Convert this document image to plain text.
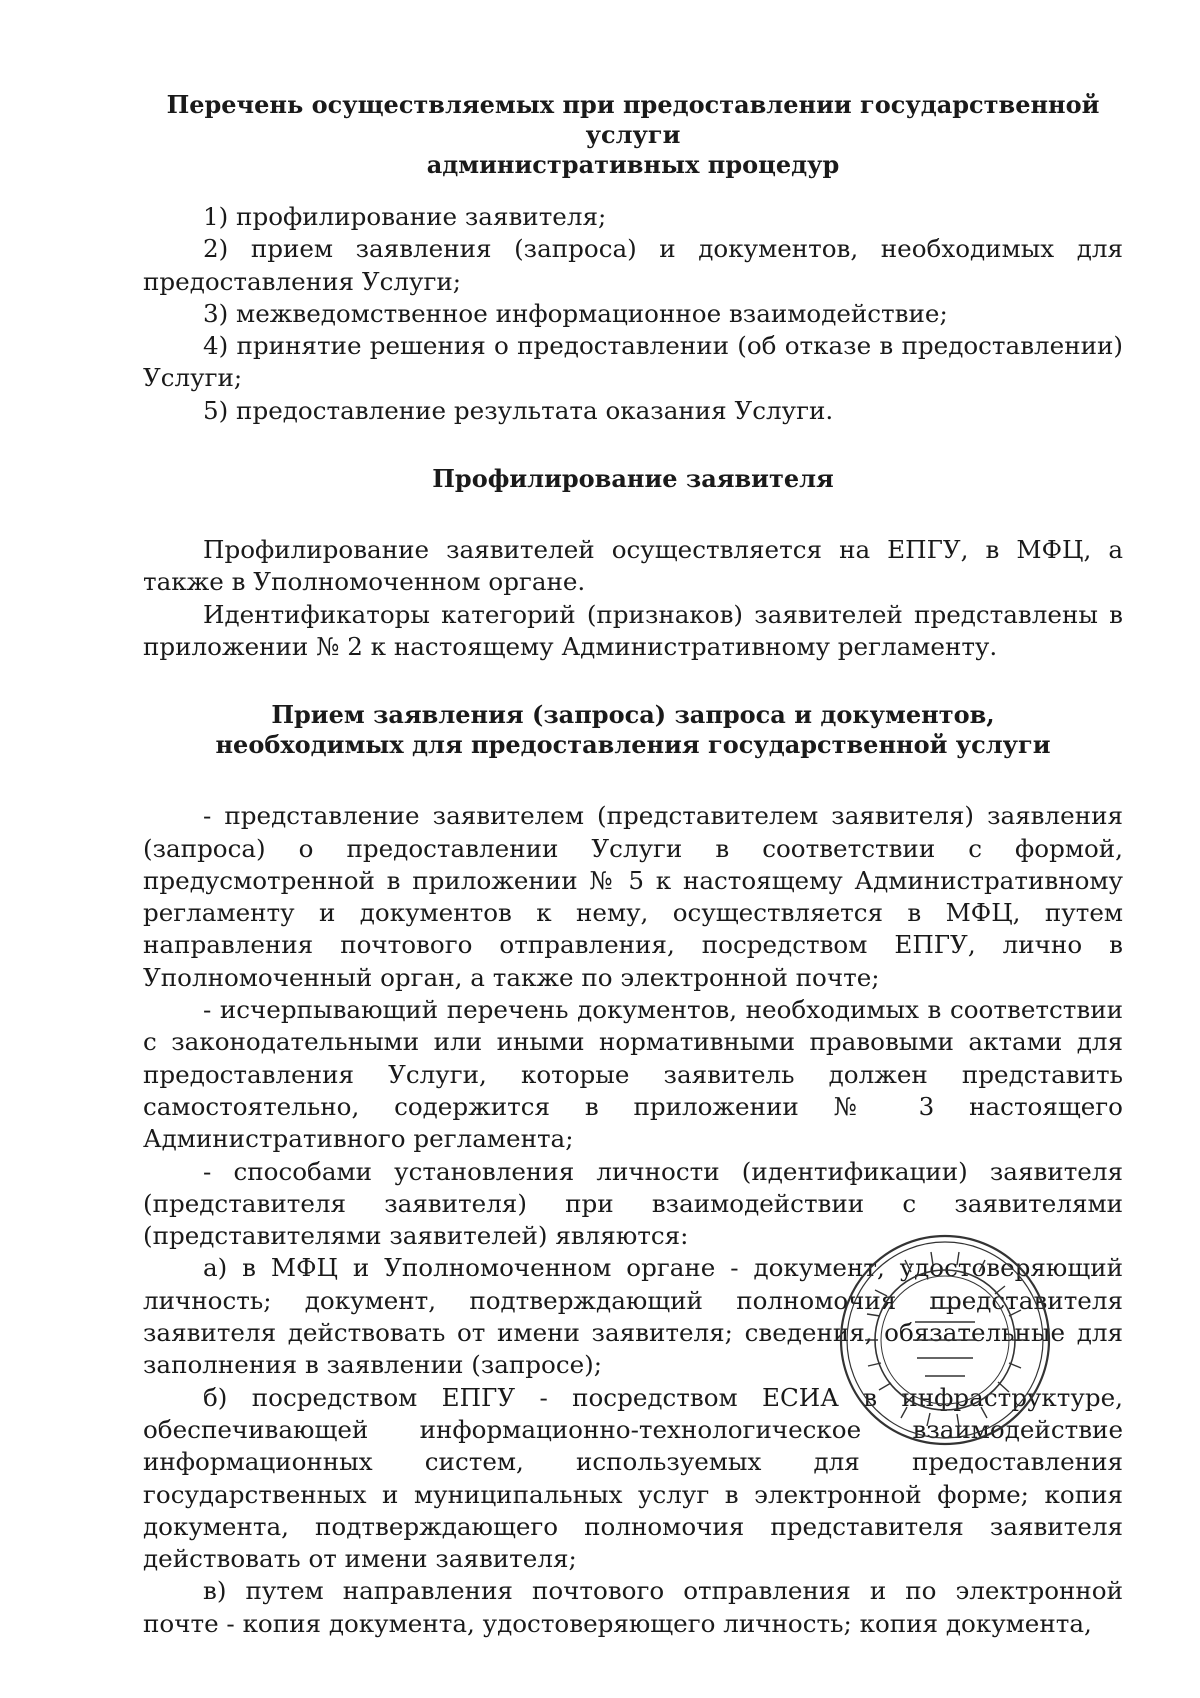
Перечень осуществляемых при предоставлении государственной услуги
административных процедур

1) профилирование заявителя;

2) прием заявления (запроса) и документов, необходимых для предоставления Услуги;

3) межведомственное информационное взаимодействие;

4) принятие решения о предоставлении (об отказе в предоставлении) Услуги;

5) предоставление результата оказания Услуги.

Профилирование заявителя

Профилирование заявителей осуществляется на ЕПГУ, в МФЦ, а также в Уполномоченном органе.

Идентификаторы категорий (признаков) заявителей представлены в приложении № 2 к настоящему Административному регламенту.

Прием заявления (запроса) запроса и документов,
необходимых для предоставления государственной услуги

- представление заявителем (представителем заявителя) заявления (запроса) о предоставлении Услуги в соответствии с формой, предусмотренной в приложении № 5 к настоящему Административному регламенту и документов к нему, осуществляется в МФЦ, путем направления почтового отправления, посредством ЕПГУ, лично в Уполномоченный орган, а также по электронной почте;

- исчерпывающий перечень документов, необходимых в соответствии с законодательными или иными нормативными правовыми актами для предоставления Услуги, которые заявитель должен представить самостоятельно, содержится в приложении № 3 настоящего Административного регламента;

- способами установления личности (идентификации) заявителя (представителя заявителя) при взаимодействии с заявителями (представителями заявителей) являются:

а) в МФЦ и Уполномоченном органе - документ, удостоверяющий личность; документ, подтверждающий полномочия представителя заявителя действовать от имени заявителя; сведения, обязательные для заполнения в заявлении (запросе);

б) посредством ЕПГУ - посредством ЕСИА в инфраструктуре, обеспечивающей информационно-технологическое взаимодействие информационных систем, используемых для предоставления государственных и муниципальных услуг в электронной форме; копия документа, подтверждающего полномочия представителя заявителя действовать от имени заявителя;

в) путем направления почтового отправления и по электронной почте - копия документа, удостоверяющего личность; копия документа,
